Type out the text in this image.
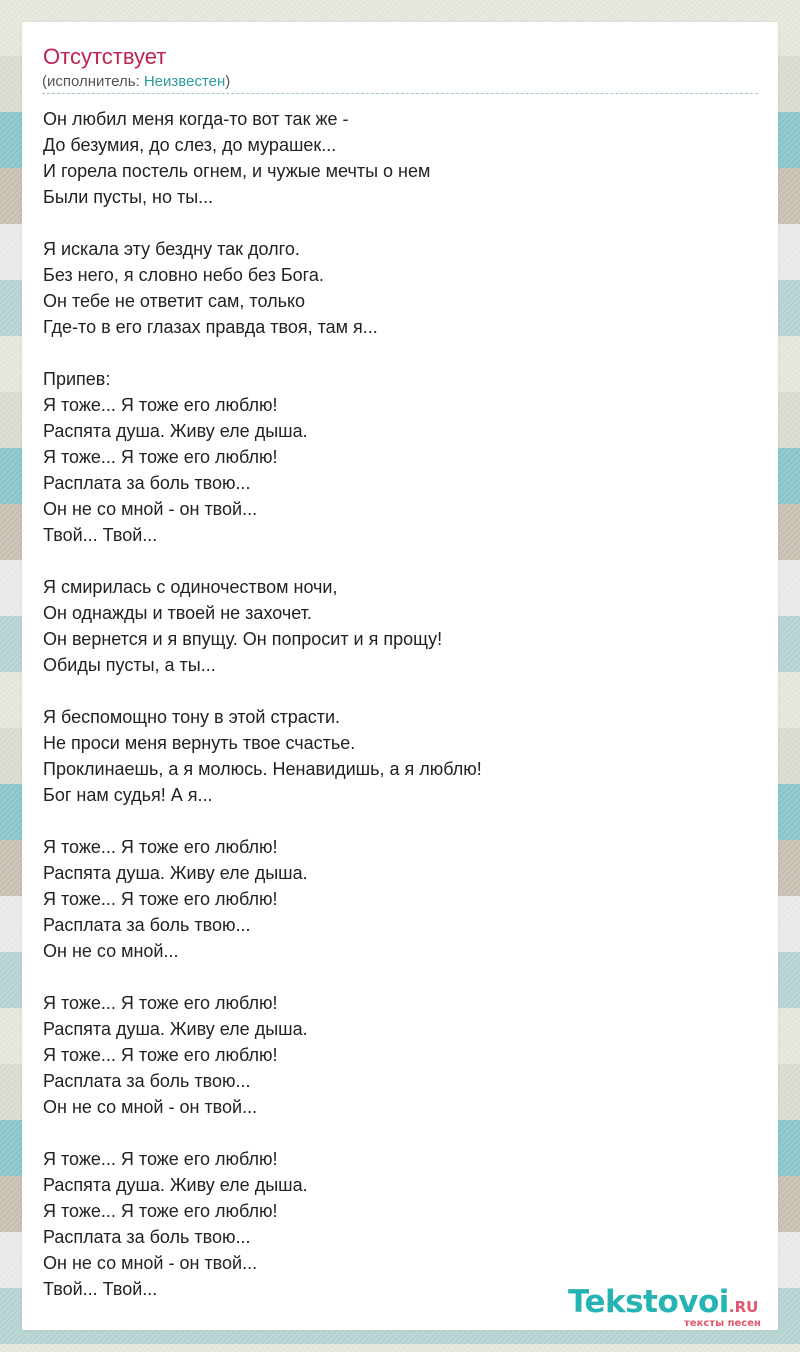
Отсутствует
(исполнитель: Неизвестен)
Он любил меня когда-то вот так же -
До безумия, до слез, до мурашек...
И горела постель огнем, и чужые мечты о нем
Были пусты, но ты...
Я искала эту бездну так долго.
Без него, я словно небо без Бога.
Он тебе не ответит сам, только
Где-то в его глазах правда твоя, там я...
Припев:
Я тоже... Я тоже его люблю!
Распята душа. Живу еле дыша.
Я тоже... Я тоже его люблю!
Расплата за боль твою...
Он не со мной - он твой...
Твой... Твой...
Я смирилась с одиночеством ночи,
Он однажды и твоей не захочет.
Он вернется и я впущу. Он попросит и я прощу!
Обиды пусты, а ты...
Я беспомощно тону в этой страсти.
Не проси меня вернуть твое счастье.
Проклинаешь, а я молюсь. Ненавидишь, а я люблю!
Бог нам судья! А я...
Я тоже... Я тоже его люблю!
Распята душа. Живу еле дыша.
Я тоже... Я тоже его люблю!
Расплата за боль твою...
Он не со мной...
Я тоже... Я тоже его люблю!
Распята душа. Живу еле дыша.
Я тоже... Я тоже его люблю!
Расплата за боль твою...
Он не со мной - он твой...
Я тоже... Я тоже его люблю!
Распята душа. Живу еле дыша.
Я тоже... Я тоже его люблю!
Расплата за боль твою...
Он не со мной - он твой...
Твой... Твой...	Tekstovoi.RU
тексты песен
